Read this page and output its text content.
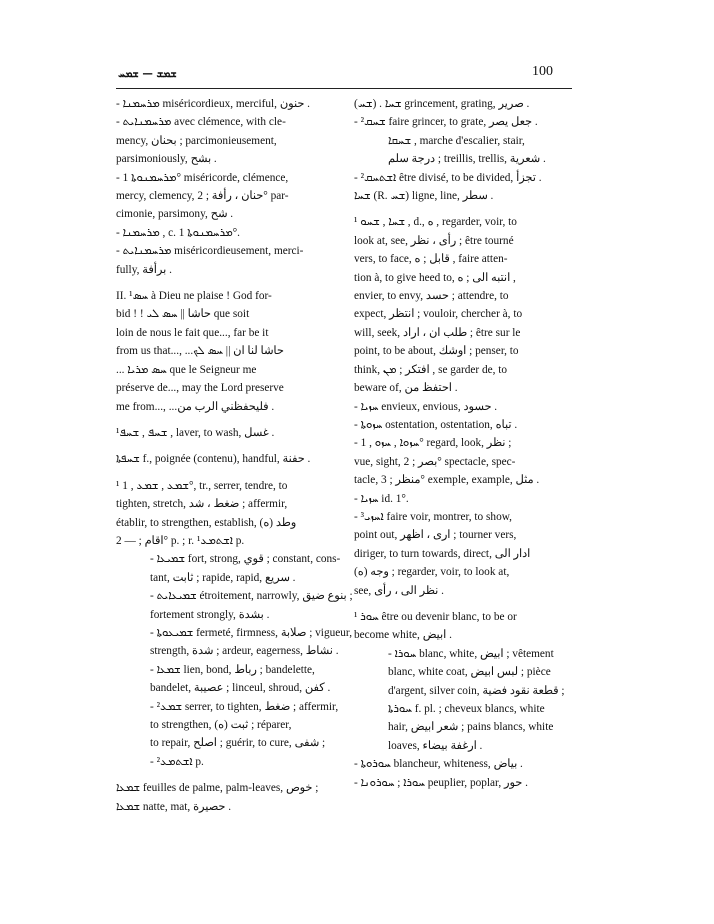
ܫܡܫ — ܫܡܚ	100
- ܡܪܚܡܢܐ miséricordieux, merciful, حنون .
- ܡܪܚܡܢܐܝܬ avec clémence, with cle-
mency, بحنان ; parcimonieusement,
parsimoniously, بشح .
- ܡܪܚܡܢܘܬܐ 1° miséricorde, clémence,
mercy, clemency, حنان ، رأفة ; 2° par-
cimonie, parsimony, شح .
- ܡܪܚܡܢܐ , c. ܡܪܚܡܢܘܬܐ 1°.
- ܡܪܚܡܢܐܝܬ miséricordieusement, merci-
fully, برأفة .
II. ¹ܚܣ à Dieu ne plaise ! God for-
bid ! ! حاشا || ܚܣ ܠܝ que soit
loin de nous le fait que..., far be it
from us that..., ...حاشا لنا ان || ܚܣ ܠܟ
... ܚܣ ܡܪܝܐ que le Seigneur me
préserve de..., may the Lord preserve
me from..., ...فليحفظني الرب من .
¹ܫܚܦ , ܫܚܦ , laver, to wash, غسل .
ܫܚܦܬܐ f., poignée (contenu), handful, حفنة .
¹ ܫܡܥ , ܫܡܥ , 1°, tr., serrer, tendre, to
tighten, stretch, ضغط ، شد ; affermir,
établir, to strengthen, establish, (ه) وطد
اقام ; — 2° p. ; r. ܐܫܬܡܥ¹ p.
- ܫܡܝܥܐ fort, strong, قوي ; constant, cons-
tant, ثابت ; rapide, rapid, سريع .
- ܫܡܝܥܐܝܬ étroitement, narrowly, بنوع ضيق ;
fortement strongly, بشدة .
- ܫܡܝܥܘܬܐ fermeté, firmness, صلابة ; vigueur,
strength, شدة ; ardeur, eagerness, نشاط .
- ܫܡܥܐ lien, bond, رباط ; bandelette,
bandelet, عصيبة ; linceul, shroud, كفن .
- ²ܫܡܥ serrer, to tighten, ضغط ; affermir,
to strengthen, (ه) ثبت ; réparer,
to repair, اصلح ; guérir, to cure, شفى ;
- ²ܐܫܬܡܥ p.
ܫܡܥܐ feuilles de palme, palm-leaves, خوص ;
ܫܡܥܐ natte, mat, حصيرة .
(ܫܚ) . ܫܚܐ grincement, grating, صرير .
- ²ܫܚܩ faire grincer, to grate, جعل يصر .
ܫܚܩܐ , marche d'escalier, stair,
درجة سلم ; treillis, trellis, شعرية .
- ²ܐܫܬܚܩ être divisé, to be divided, تجزأ .
ܫܚܐ (R. ܫܚ) ligne, line, سطر .
¹ ܫܚܐ , ܫܚܘ , d., ه , regarder, voir, to
look at, see, رأى ، نظر ; être tourné
vers, to face, قابل ; ه , faire atten-
tion à, to give heed to, انتبه الى ; ه ,
envier, to envy, حسد ; attendre, to
expect, انتظر ; vouloir, chercher à, to
will, seek, طلب ان ، اراد ; être sur le
point, to be about, اوشك ; penser, to
think, افتكر ; ܡܢ , se garder de, to
beware of, احتفظ من .
- ܚܙܝܐ envieux, envious, حسود .
- ܚܙܘܬܐ ostentation, ostentation, تباه .
- ܚܙܘܐ , ܚܙܘ , 1° regard, look, نظر ;
vue, sight, بصر ; 2° spectacle, spec-
tacle, منظر ; 3° exemple, example, مثل .
- ܚܙܝܐ id. 1°.
- ³ܐܚܙܝ faire voir, montrer, to show,
point out, ارى ، اظهر ; tourner vers,
diriger, to turn towards, direct, ادار الى
(ه) وجه ; regarder, voir, to look at,
see, نظر الى ، رأى .
¹ ܚܘܪ être ou devenir blanc, to be or
become white, ابيض .
- ܚܘܪܐ blanc, white, ابيض ; vêtement
blanc, white coat, لبس ابيض ; pièce
d'argent, silver coin, قطعة نقود فضية ;
ܚܘܪܬܐ f. pl. ; cheveux blancs, white
hair, شعر ابيض ; pains blancs, white
loaves, ارغفة بيضاء .
- ܚܘܪܘܬܐ blancheur, whiteness, بياض .
- ܚܘܪܐ ; ܚܘܪܘܢܐ peuplier, poplar, حور .
